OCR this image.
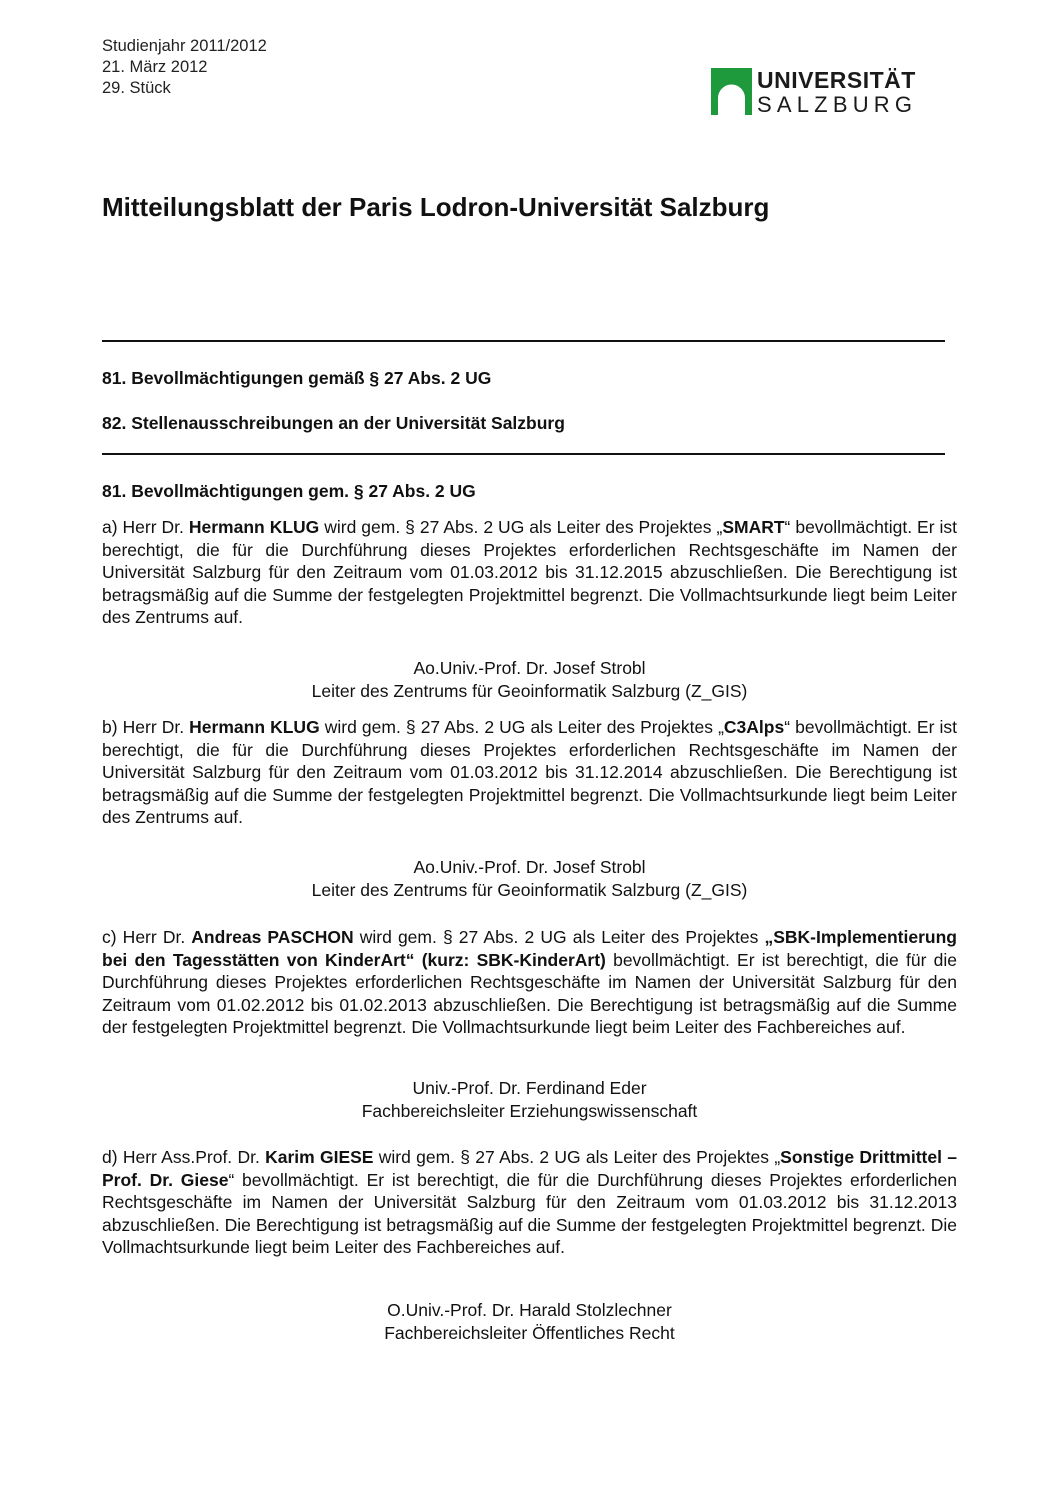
Studienjahr 2011/2012
21. März 2012
29. Stück	UNIVERSITÄT
SALZBURG
Mitteilungsblatt der Paris Lodron-Universität Salzburg
81. Bevollmächtigungen gemäß § 27 Abs. 2 UG
82. Stellenausschreibungen an der Universität Salzburg
81. Bevollmächtigungen gem. § 27 Abs. 2 UG

a) Herr Dr. Hermann KLUG wird gem. § 27 Abs. 2 UG als Leiter des Projektes „SMART“ bevollmächtigt. Er ist berechtigt, die für die Durchführung dieses Projektes erforderlichen Rechtsgeschäfte im Namen der Universität Salzburg für den Zeitraum vom 01.03.2012 bis 31.12.2015 abzuschließen. Die Berechtigung ist betragsmäßig auf die Summe der festgelegten Projektmittel begrenzt. Die Vollmachtsurkunde liegt beim Leiter des Zentrums auf.

Ao.Univ.-Prof. Dr. Josef Strobl
Leiter des Zentrums für Geoinformatik Salzburg (Z_GIS)

b) Herr Dr. Hermann KLUG wird gem. § 27 Abs. 2 UG als Leiter des Projektes „C3Alps“ bevollmächtigt. Er ist berechtigt, die für die Durchführung dieses Projektes erforderlichen Rechtsgeschäfte im Namen der Universität Salzburg für den Zeitraum vom 01.03.2012 bis 31.12.2014 abzuschließen. Die Berechtigung ist betragsmäßig auf die Summe der festgelegten Projektmittel begrenzt. Die Vollmachtsurkunde liegt beim Leiter des Zentrums auf.

Ao.Univ.-Prof. Dr. Josef Strobl
Leiter des Zentrums für Geoinformatik Salzburg (Z_GIS)

c) Herr Dr. Andreas PASCHON wird gem. § 27 Abs. 2 UG als Leiter des Projektes „SBK-Implementierung bei den Tagesstätten von KinderArt“ (kurz: SBK-KinderArt) bevollmächtigt. Er ist berechtigt, die für die Durchführung dieses Projektes erforderlichen Rechtsgeschäfte im Namen der Universität Salzburg für den Zeitraum vom 01.02.2012 bis 01.02.2013 abzuschließen. Die Berechtigung ist betragsmäßig auf die Summe der festgelegten Projektmittel begrenzt. Die Vollmachtsurkunde liegt beim Leiter des Fachbereiches auf.

Univ.-Prof. Dr. Ferdinand Eder
Fachbereichsleiter Erziehungswissenschaft

d) Herr Ass.Prof. Dr. Karim GIESE wird gem. § 27 Abs. 2 UG als Leiter des Projektes „Sonstige Drittmittel – Prof. Dr. Giese“ bevollmächtigt. Er ist berechtigt, die für die Durchführung dieses Projektes erforderlichen Rechtsgeschäfte im Namen der Universität Salzburg für den Zeitraum vom 01.03.2012 bis 31.12.2013 abzuschließen. Die Berechtigung ist betragsmäßig auf die Summe der festgelegten Projektmittel begrenzt. Die Vollmachtsurkunde liegt beim Leiter des Fachbereiches auf.

O.Univ.-Prof. Dr. Harald Stolzlechner
Fachbereichsleiter Öffentliches Recht
